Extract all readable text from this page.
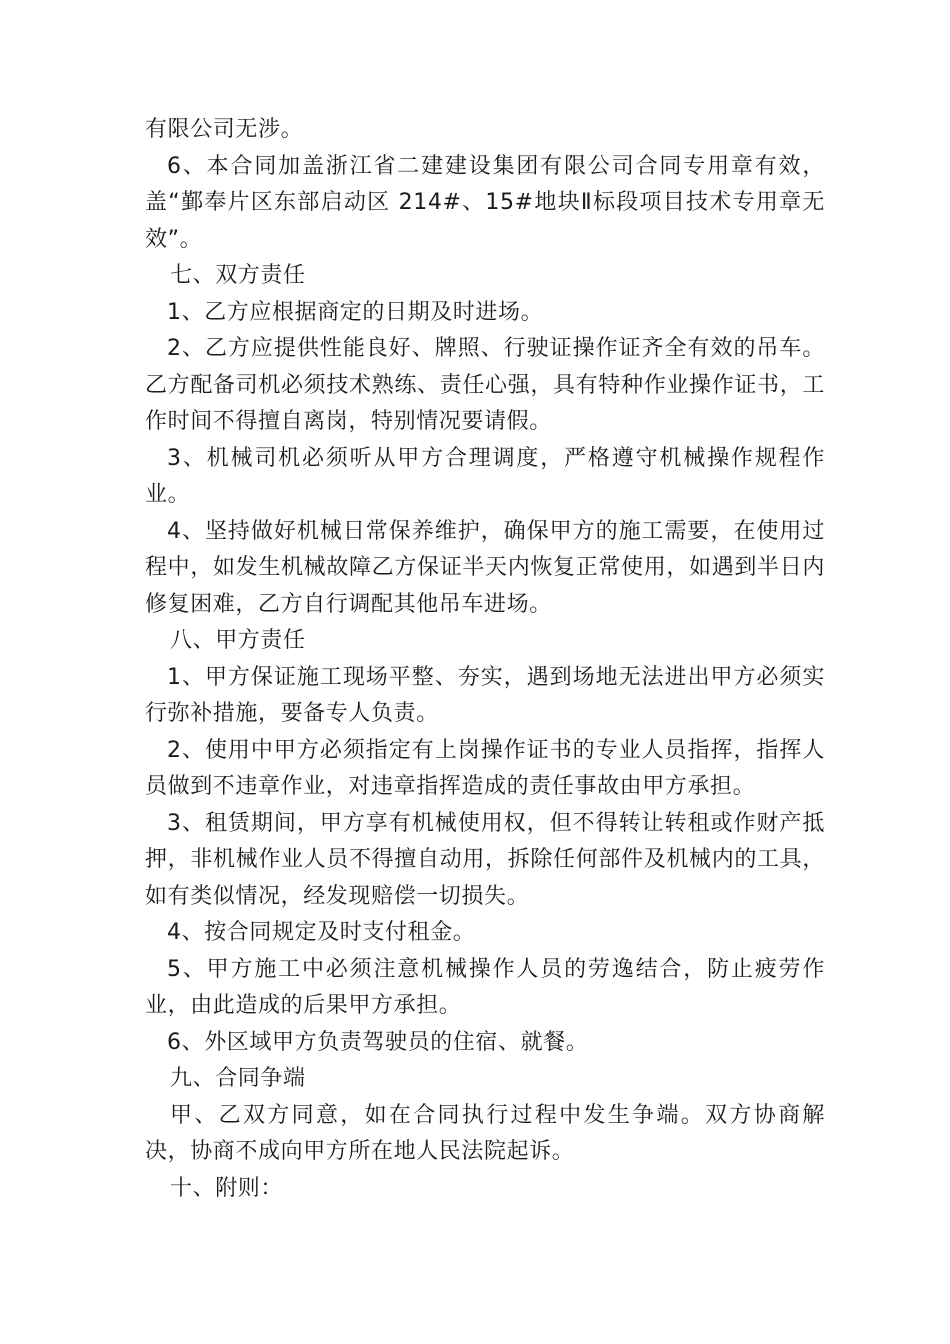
有限公司无涉。

6、本合同加盖浙江省二建建设集团有限公司合同专用章有效，盖“鄞奉片区东部启动区 214#、15#地块Ⅱ标段项目技术专用章无效”。

七、双方责任

1、乙方应根据商定的日期及时进场。

2、乙方应提供性能良好、牌照、行驶证操作证齐全有效的吊车。乙方配备司机必须技术熟练、责任心强，具有特种作业操作证书，工作时间不得擅自离岗，特别情况要请假。

3、机械司机必须听从甲方合理调度，严格遵守机械操作规程作业。

4、坚持做好机械日常保养维护，确保甲方的施工需要，在使用过程中，如发生机械故障乙方保证半天内恢复正常使用，如遇到半日内修复困难，乙方自行调配其他吊车进场。

八、甲方责任

1、甲方保证施工现场平整、夯实，遇到场地无法进出甲方必须实行弥补措施，要备专人负责。

2、使用中甲方必须指定有上岗操作证书的专业人员指挥，指挥人员做到不违章作业，对违章指挥造成的责任事故由甲方承担。

3、租赁期间，甲方享有机械使用权，但不得转让转租或作财产抵押，非机械作业人员不得擅自动用，拆除任何部件及机械内的工具，如有类似情况，经发现赔偿一切损失。

4、按合同规定及时支付租金。

5、甲方施工中必须注意机械操作人员的劳逸结合，防止疲劳作业，由此造成的后果甲方承担。

6、外区域甲方负责驾驶员的住宿、就餐。

九、合同争端

甲、乙双方同意，如在合同执行过程中发生争端。双方协商解决，协商不成向甲方所在地人民法院起诉。

十、附则：
